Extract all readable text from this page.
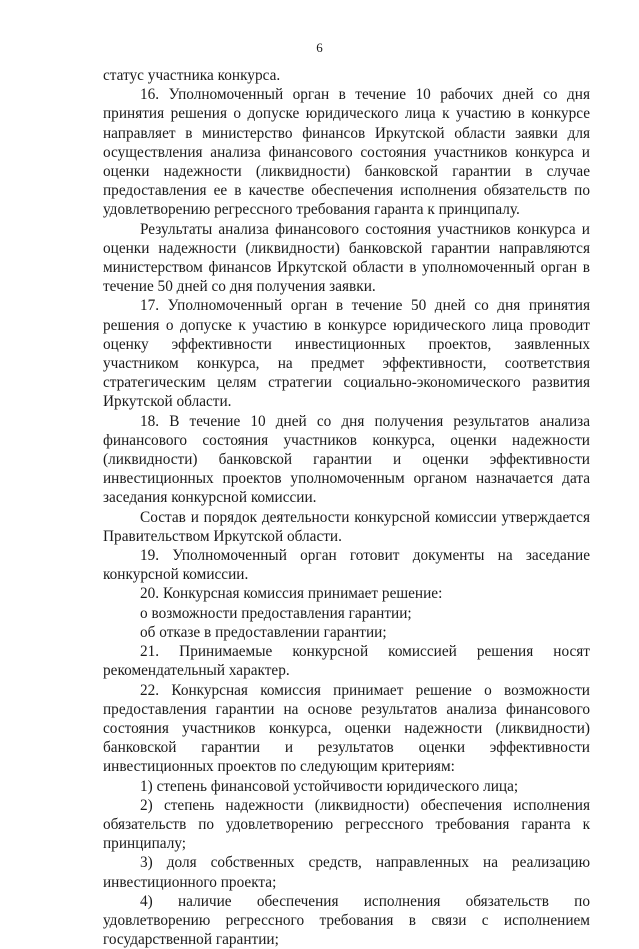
6

статус участника конкурса.

16. Уполномоченный орган в течение 10 рабочих дней со дня принятия решения о допуске юридического лица к участию в конкурсе направляет в министерство финансов Иркутской области заявки для осуществления анализа финансового состояния участников конкурса и оценки надежности (ликвидности) банковской гарантии в случае предоставления ее в качестве обеспечения исполнения обязательств по удовлетворению регрессного требования гаранта к принципалу.

Результаты анализа финансового состояния участников конкурса и оценки надежности (ликвидности) банковской гарантии направляются министерством финансов Иркутской области в уполномоченный орган в течение 50 дней со дня получения заявки.

17. Уполномоченный орган в течение 50 дней со дня принятия решения о допуске к участию в конкурсе юридического лица проводит оценку эффективности инвестиционных проектов, заявленных участником конкурса, на предмет эффективности, соответствия стратегическим целям стратегии социально-экономического развития Иркутской области.

18. В течение 10 дней со дня получения результатов анализа финансового состояния участников конкурса, оценки надежности (ликвидности) банковской гарантии и оценки эффективности инвестиционных проектов уполномоченным органом назначается дата заседания конкурсной комиссии.

Состав и порядок деятельности конкурсной комиссии утверждается Правительством Иркутской области.

19. Уполномоченный орган готовит документы на заседание конкурсной комиссии.

20. Конкурсная комиссия принимает решение:

о возможности предоставления гарантии;

об отказе в предоставлении гарантии;

21. Принимаемые конкурсной комиссией решения носят рекомендательный характер.

22. Конкурсная комиссия принимает решение о возможности предоставления гарантии на основе результатов анализа финансового состояния участников конкурса, оценки надежности (ликвидности) банковской гарантии и результатов оценки эффективности инвестиционных проектов по следующим критериям:

1) степень финансовой устойчивости юридического лица;

2) степень надежности (ликвидности) обеспечения исполнения обязательств по удовлетворению регрессного требования гаранта к принципалу;

3) доля собственных средств, направленных на реализацию инвестиционного проекта;

4) наличие обеспечения исполнения обязательств по удовлетворению регрессного требования в связи с исполнением государственной гарантии;
